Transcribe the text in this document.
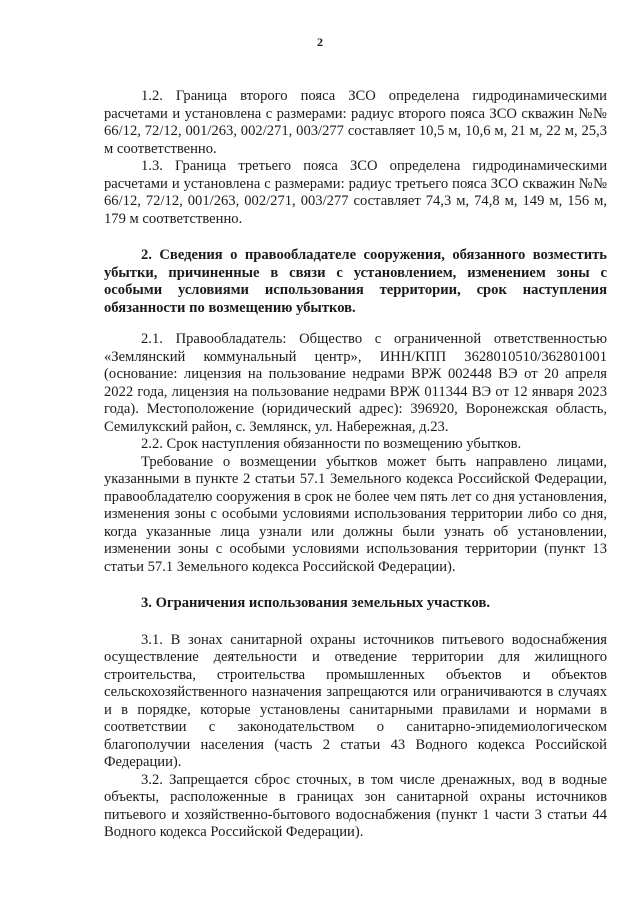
2

1.2. Граница второго пояса ЗСО определена гидродинамическими расчетами и установлена с размерами: радиус второго пояса ЗСО скважин №№ 66/12, 72/12, 001/263, 002/271, 003/277 составляет 10,5 м, 10,6 м, 21 м, 22 м, 25,3 м соответственно.

1.3. Граница третьего пояса ЗСО определена гидродинамическими расчетами и установлена с размерами: радиус третьего пояса ЗСО скважин №№ 66/12, 72/12, 001/263, 002/271, 003/277 составляет 74,3 м, 74,8 м, 149 м, 156 м, 179 м соответственно.

2. Сведения о правообладателе сооружения, обязанного возместить убытки, причиненные в связи с установлением, изменением зоны с особыми условиями использования территории, срок наступления обязанности по возмещению убытков.

2.1. Правообладатель: Общество с ограниченной ответственностью «Землянский коммунальный центр», ИНН/КПП 3628010510/362801001 (основание: лицензия на пользование недрами ВРЖ 002448 ВЭ от 20 апреля 2022 года, лицензия на пользование недрами ВРЖ 011344 ВЭ от 12 января 2023 года). Местоположение (юридический адрес): 396920, Воронежская область, Семилукский район, с. Землянск, ул. Набережная, д.23.

2.2. Срок наступления обязанности по возмещению убытков.

Требование о возмещении убытков может быть направлено лицами, указанными в пункте 2 статьи 57.1 Земельного кодекса Российской Федерации, правообладателю сооружения в срок не более чем пять лет со дня установления, изменения зоны с особыми условиями использования территории либо со дня, когда указанные лица узнали или должны были узнать об установлении, изменении зоны с особыми условиями использования территории (пункт 13 статьи 57.1 Земельного кодекса Российской Федерации).

3. Ограничения использования земельных участков.

3.1. В зонах санитарной охраны источников питьевого водоснабжения осуществление деятельности и отведение территории для жилищного строительства, строительства промышленных объектов и объектов сельскохозяйственного назначения запрещаются или ограничиваются в случаях и в порядке, которые установлены санитарными правилами и нормами в соответствии с законодательством о санитарно-эпидемиологическом благополучии населения (часть 2 статьи 43 Водного кодекса Российской Федерации).

3.2. Запрещается сброс сточных, в том числе дренажных, вод в водные объекты, расположенные в границах зон санитарной охраны источников питьевого и хозяйственно-бытового водоснабжения (пункт 1 части 3 статьи 44 Водного кодекса Российской Федерации).
